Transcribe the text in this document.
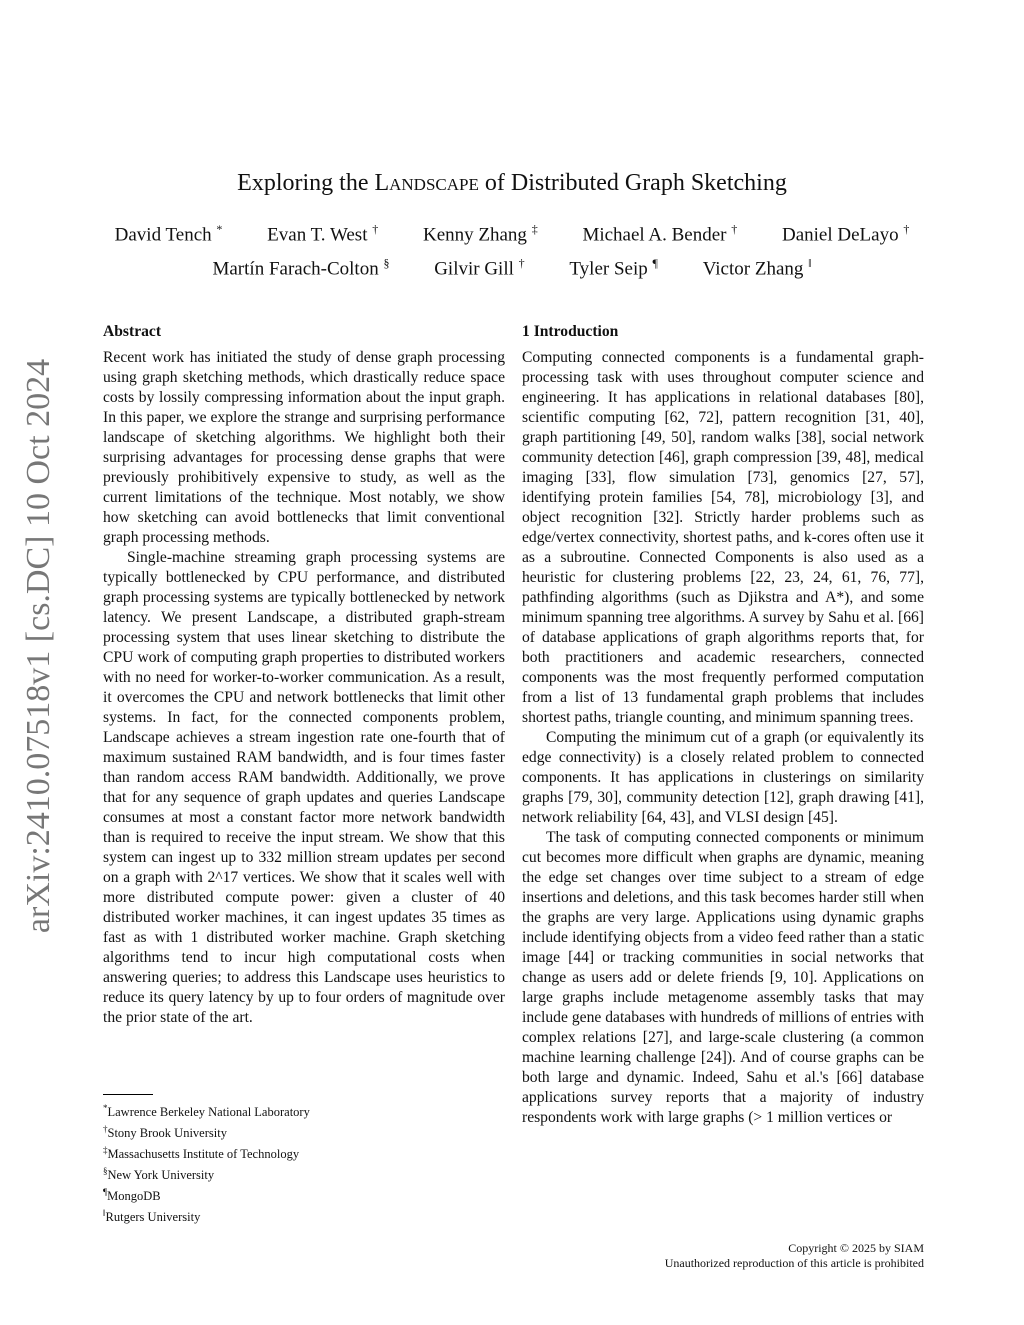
arXiv:2410.07518v1 [cs.DC] 10 Oct 2024
Exploring the Landscape of Distributed Graph Sketching
David Tench * Evan T. West † Kenny Zhang ‡ Michael A. Bender † Daniel DeLayo †
Martín Farach-Colton § Gilvir Gill † Tyler Seip ¶ Victor Zhang ‖
Abstract

Recent work has initiated the study of dense graph processing using graph sketching methods, which drastically reduce space costs by lossily compressing information about the input graph. In this paper, we explore the strange and surprising performance landscape of sketching algorithms. We highlight both their surprising advantages for processing dense graphs that were previously prohibitively expensive to study, as well as the current limitations of the technique. Most notably, we show how sketching can avoid bottlenecks that limit conventional graph processing methods.

Single-machine streaming graph processing systems are typically bottlenecked by CPU performance, and distributed graph processing systems are typically bottlenecked by network latency. We present Landscape, a distributed graph-stream processing system that uses linear sketching to distribute the CPU work of computing graph properties to distributed workers with no need for worker-to-worker communication. As a result, it overcomes the CPU and network bottlenecks that limit other systems. In fact, for the connected components problem, Landscape achieves a stream ingestion rate one-fourth that of maximum sustained RAM bandwidth, and is four times faster than random access RAM bandwidth. Additionally, we prove that for any sequence of graph updates and queries Landscape consumes at most a constant factor more network bandwidth than is required to receive the input stream. We show that this system can ingest up to 332 million stream updates per second on a graph with 2^17 vertices. We show that it scales well with more distributed compute power: given a cluster of 40 distributed worker machines, it can ingest updates 35 times as fast as with 1 distributed worker machine. Graph sketching algorithms tend to incur high computational costs when answering queries; to address this Landscape uses heuristics to reduce its query latency by up to four orders of magnitude over the prior state of the art.

1 Introduction

Computing connected components is a fundamental graph-processing task with uses throughout computer science and engineering. It has applications in relational databases [80], scientific computing [62, 72], pattern recognition [31, 40], graph partitioning [49, 50], random walks [38], social network community detection [46], graph compression [39, 48], medical imaging [33], flow simulation [73], genomics [27, 57], identifying protein families [54, 78], microbiology [3], and object recognition [32]. Strictly harder problems such as edge/vertex connectivity, shortest paths, and k-cores often use it as a subroutine. Connected Components is also used as a heuristic for clustering problems [22, 23, 24, 61, 76, 77], pathfinding algorithms (such as Djikstra and A*), and some minimum spanning tree algorithms. A survey by Sahu et al. [66] of database applications of graph algorithms reports that, for both practitioners and academic researchers, connected components was the most frequently performed computation from a list of 13 fundamental graph problems that includes shortest paths, triangle counting, and minimum spanning trees.

Computing the minimum cut of a graph (or equivalently its edge connectivity) is a closely related problem to connected components. It has applications in clusterings on similarity graphs [79, 30], community detection [12], graph drawing [41], network reliability [64, 43], and VLSI design [45].

The task of computing connected components or minimum cut becomes more difficult when graphs are dynamic, meaning the edge set changes over time subject to a stream of edge insertions and deletions, and this task becomes harder still when the graphs are very large. Applications using dynamic graphs include identifying objects from a video feed rather than a static image [44] or tracking communities in social networks that change as users add or delete friends [9, 10]. Applications on large graphs include metagenome assembly tasks that may include gene databases with hundreds of millions of entries with complex relations [27], and large-scale clustering (a common machine learning challenge [24]). And of course graphs can be both large and dynamic. Indeed, Sahu et al.'s [66] database applications survey reports that a majority of industry respondents work with large graphs (> 1 million vertices or

*Lawrence Berkeley National Laboratory
†Stony Brook University
‡Massachusetts Institute of Technology
§New York University
¶MongoDB
‖Rutgers University
Copyright © 2025 by SIAM
Unauthorized reproduction of this article is prohibited
